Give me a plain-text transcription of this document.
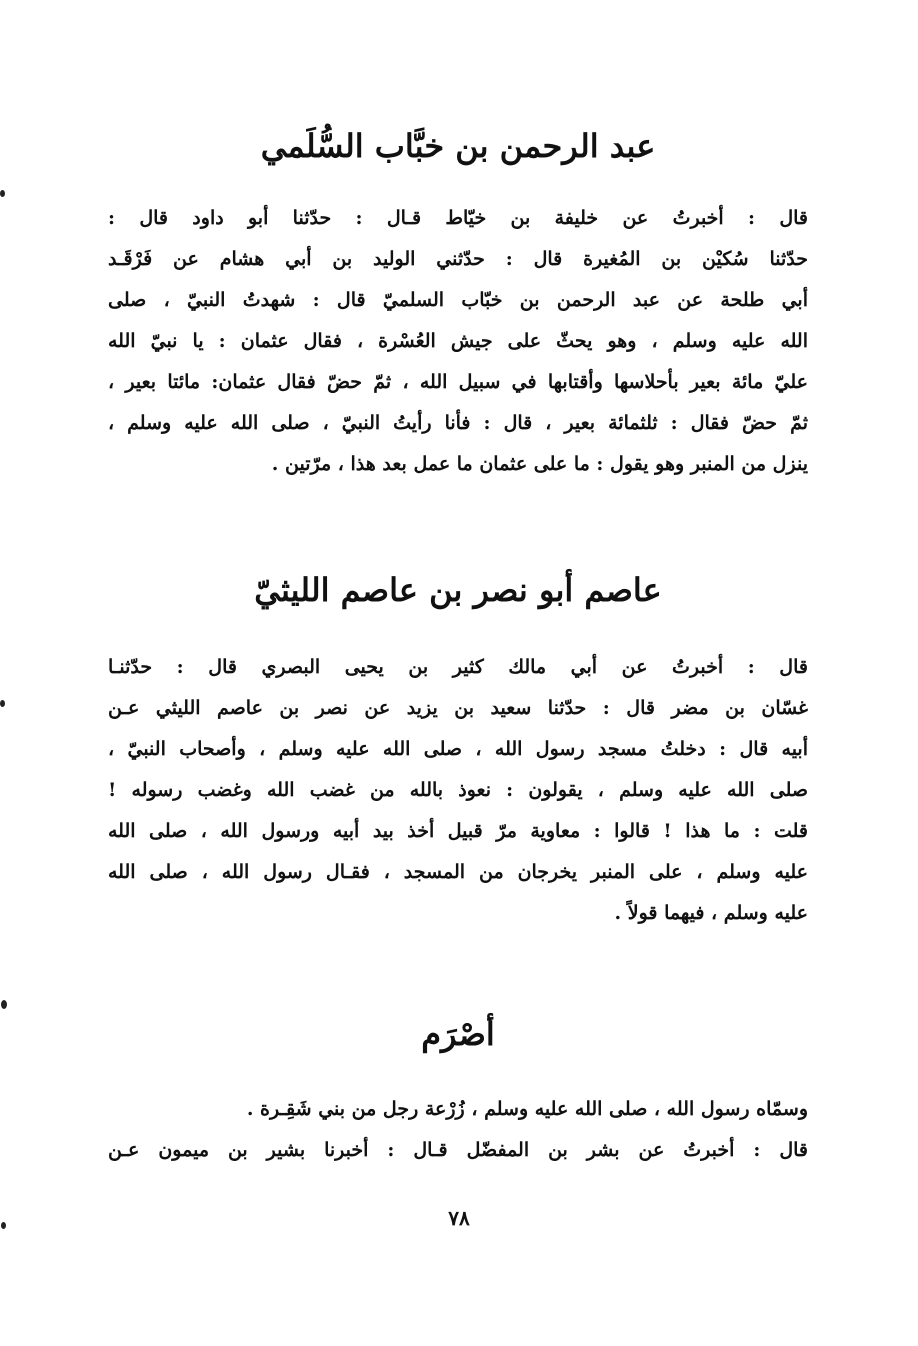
عبد الرحمن بن خبَّاب السُّلَمي
قال : أخبرتُ عن خليفة بن خيّاط قـال : حدّثنا أبو داود قال :
حدّثنا سُكيْن بن المُغيرة قال : حدّثني الوليد بن أبي هشام عن فَرْقَـد
أبي طلحة عن عبد الرحمن بن خبّاب السلميّ قال : شهدتُ النبيّ ، صلى
الله عليه وسلم ، وهو يحثّ على جيش العُسْرة ، فقال عثمان : يا نبيّ الله
عليّ مائة بعير بأحلاسها وأقتابها في سبيل الله ، ثمّ حضّ فقال عثمان: مائتا بعير ،
ثمّ حضّ فقال : ثلثمائة بعير ، قال : فأنا رأيتُ النبيّ ، صلى الله عليه وسلم ،
ينزل من المنبر وهو يقول : ما على عثمان ما عمل بعد هذا ، مرّتين .
عاصم أبو نصر بن عاصم الليثيّ
قال : أخبرتُ عن أبي مالك كثير بن يحيى البصري قال : حدّثنـا
غسّان بن مضر قال : حدّثنا سعيد بن يزيد عن نصر بن عاصم الليثي عـن
أبيه قال : دخلتُ مسجد رسول الله ، صلى الله عليه وسلم ، وأصحاب النبيّ ،
صلى الله عليه وسلم ، يقولون : نعوذ بالله من غضب الله وغضب رسوله !
قلت : ما هذا ! قالوا : معاوية مرّ قبيل أخذ بيد أبيه ورسول الله ، صلى الله
عليه وسلم ، على المنبر يخرجان من المسجد ، فقـال رسول الله ، صلى الله
عليه وسلم ، فيهما قولاً .
أصْرَم
وسمّاه رسول الله ، صلى الله عليه وسلم ، زُرْعة رجل من بني شَقِـرة .
قال : أخبرتُ عن بشر بن المفضّل قـال : أخبرنا بشير بن ميمون عـن
٧٨
